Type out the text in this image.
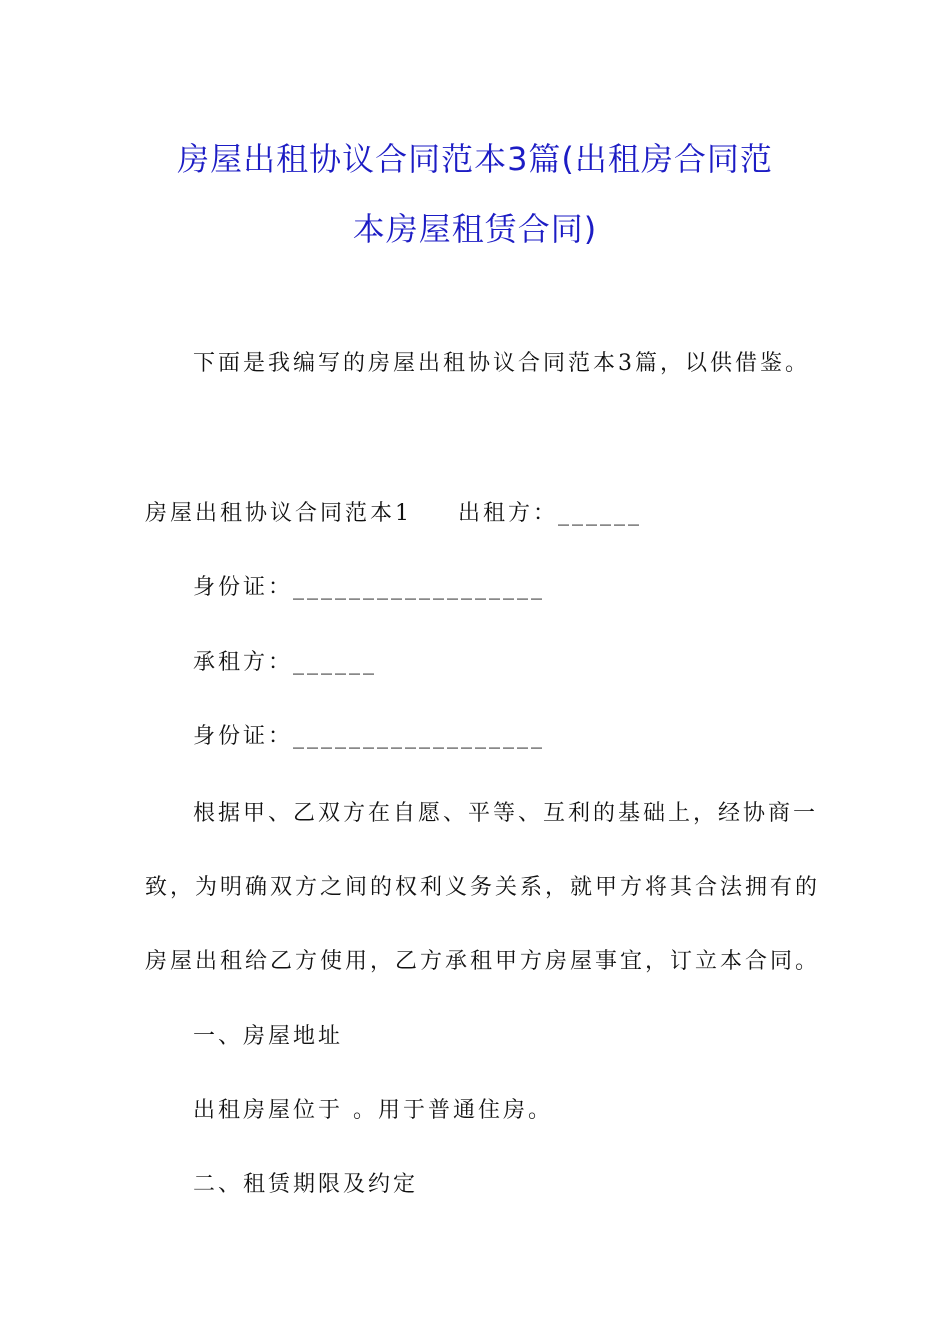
房屋出租协议合同范本3篇(出租房合同范
本房屋租赁合同)
下面是我编写的房屋出租协议合同范本3篇，以供借鉴。
房屋出租协议合同范本1 出租方：______
身份证：__________________
承租方：______
身份证：__________________
根据甲、乙双方在自愿、平等、互利的基础上，经协商一
致，为明确双方之间的权利义务关系，就甲方将其合法拥有的
房屋出租给乙方使用，乙方承租甲方房屋事宜，订立本合同。
一、房屋地址
出租房屋位于 。用于普通住房。
二、租赁期限及约定
